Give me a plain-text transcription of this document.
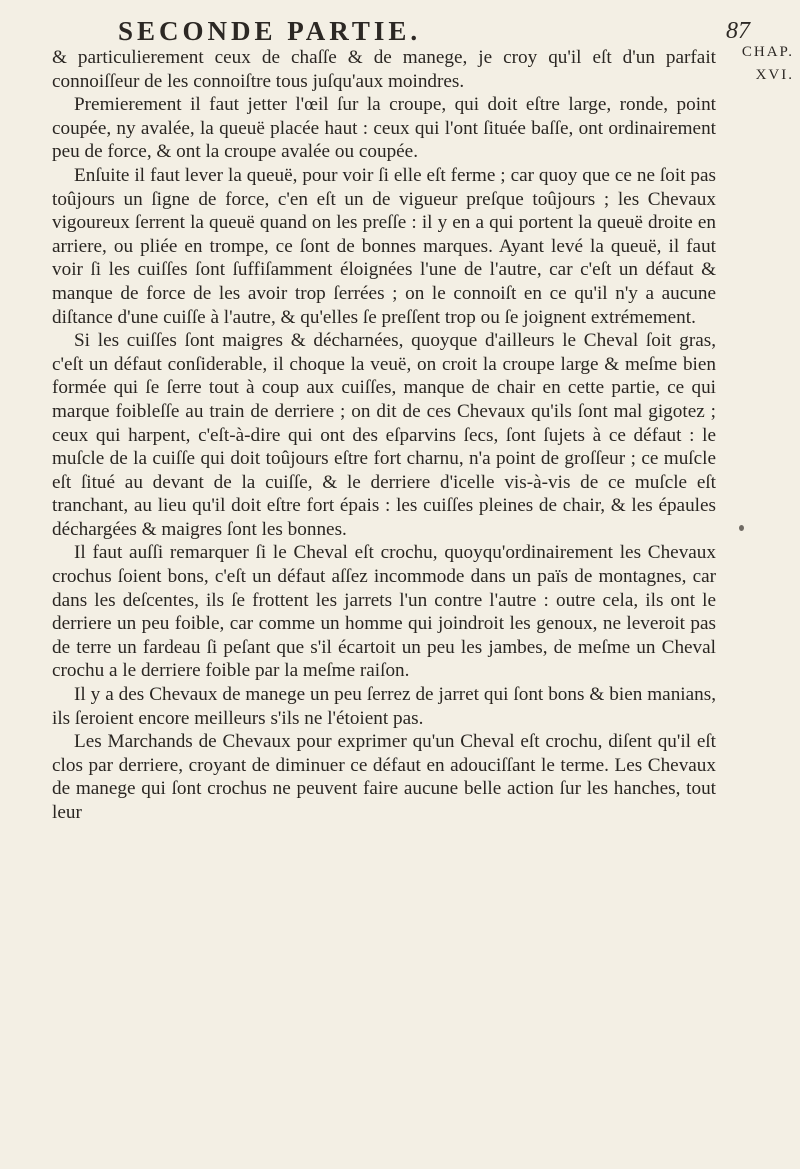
SECONDE PARTIE.	87
CHAP. XVI.

& particulierement ceux de chaſſe & de manege, je croy qu'il eſt d'un parfait connoiſſeur de les connoiſtre tous juſqu'aux moindres.

Premierement il faut jetter l'œil ſur la croupe, qui doit eſtre large, ronde, point coupée, ny avalée, la queuë placée haut : ceux qui l'ont ſituée baſſe, ont ordinairement peu de force, & ont la croupe avalée ou coupée.

Enſuite il faut lever la queuë, pour voir ſi elle eſt ferme ; car quoy que ce ne ſoit pas toûjours un ſigne de force, c'en eſt un de vigueur preſque toûjours ; les Chevaux vigoureux ſerrent la queuë quand on les preſſe : il y en a qui portent la queuë droite en arriere, ou pliée en trompe, ce ſont de bonnes marques. Ayant levé la queuë, il faut voir ſi les cuiſſes ſont ſuffiſamment éloignées l'une de l'autre, car c'eſt un défaut & manque de force de les avoir trop ſerrées ; on le connoiſt en ce qu'il n'y a aucune diſtance d'une cuiſſe à l'autre, & qu'elles ſe preſſent trop ou ſe joignent extrémement.

Si les cuiſſes ſont maigres & décharnées, quoyque d'ailleurs le Cheval ſoit gras, c'eſt un défaut conſiderable, il choque la veuë, on croit la croupe large & meſme bien formée qui ſe ſerre tout à coup aux cuiſſes, manque de chair en cette partie, ce qui marque foibleſſe au train de derriere ; on dit de ces Chevaux qu'ils ſont mal gigotez ; ceux qui harpent, c'eſt-à-dire qui ont des eſparvins ſecs, ſont ſujets à ce défaut : le muſcle de la cuiſſe qui doit toûjours eſtre fort charnu, n'a point de groſſeur ; ce muſcle eſt ſitué au devant de la cuiſſe, & le derriere d'icelle vis-à-vis de ce muſcle eſt tranchant, au lieu qu'il doit eſtre fort épais : les cuiſſes pleines de chair, & les épaules déchargées & maigres ſont les bonnes.

Il faut auſſi remarquer ſi le Cheval eſt crochu, quoyqu'ordinairement les Chevaux crochus ſoient bons, c'eſt un défaut aſſez incommode dans un païs de montagnes, car dans les deſcentes, ils ſe frottent les jarrets l'un contre l'autre : outre cela, ils ont le derriere un peu foible, car comme un homme qui joindroit les genoux, ne leveroit pas de terre un fardeau ſi peſant que s'il écartoit un peu les jambes, de meſme un Cheval crochu a le derriere foible par la meſme raiſon.

Il y a des Chevaux de manege un peu ſerrez de jarret qui ſont bons & bien manians, ils ſeroient encore meilleurs s'ils ne l'étoient pas.

Les Marchands de Chevaux pour exprimer qu'un Cheval eſt crochu, diſent qu'il eſt clos par derriere, croyant de diminuer ce défaut en adouciſſant le terme. Les Chevaux de manege qui ſont crochus ne peuvent faire aucune belle action ſur les hanches, tout leur
